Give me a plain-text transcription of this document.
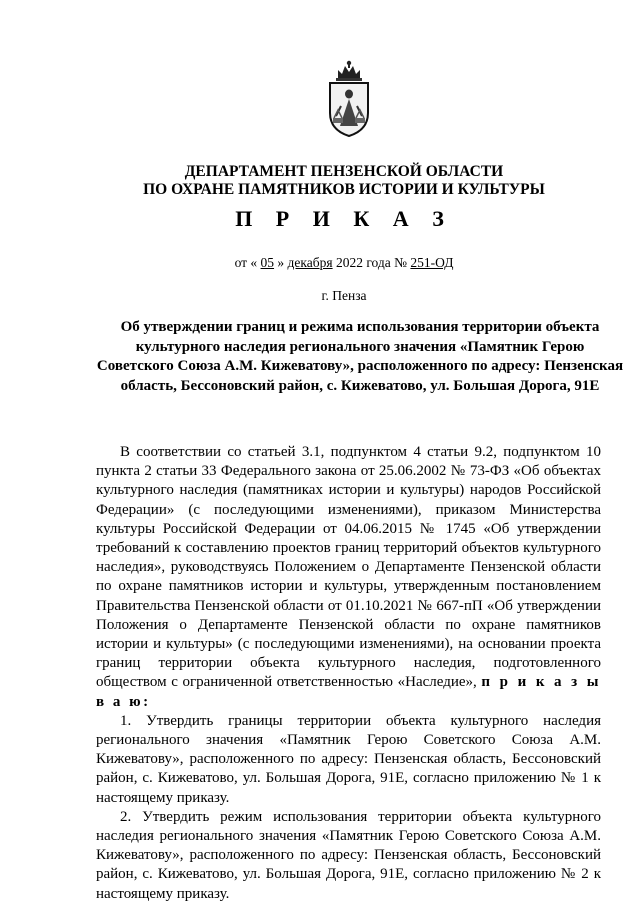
ДЕПАРТАМЕНТ ПЕНЗЕНСКОЙ ОБЛАСТИ
ПО ОХРАНЕ ПАМЯТНИКОВ ИСТОРИИ И КУЛЬТУРЫ
П Р И К А З
от « 05 » декабря 2022 года № 251-ОД
г. Пенза
Об утверждении границ и режима использования территории объекта культурного наследия регионального значения «Памятник Герою Советского Союза А.М. Кижеватову», расположенного по адресу: Пензенская область, Бессоновский район, с. Кижеватово, ул. Большая Дорога, 91Е

В соответствии со статьей 3.1, подпунктом 4 статьи 9.2, подпунктом 10 пункта 2 статьи 33 Федерального закона от 25.06.2002 № 73-ФЗ «Об объектах культурного наследия (памятниках истории и культуры) народов Российской Федерации» (с последующими изменениями), приказом Министерства культуры Российской Федерации от 04.06.2015 № 1745 «Об утверждении требований к составлению проектов границ территорий объектов культурного наследия», руководствуясь Положением о Департаменте Пензенской области по охране памятников истории и культуры, утвержденным постановлением Правительства Пензенской области от 01.10.2021 № 667-пП «Об утверждении Положения о Департаменте Пензенской области по охране памятников истории и культуры» (с последующими изменениями), на основании проекта границ территории объекта культурного наследия, подготовленного обществом с ограниченной ответственностью «Наследие», п р и к а з ы в а ю:

1. Утвердить границы территории объекта культурного наследия регионального значения «Памятник Герою Советского Союза А.М. Кижеватову», расположенного по адресу: Пензенская область, Бессоновский район, с. Кижеватово, ул. Большая Дорога, 91Е, согласно приложению № 1 к настоящему приказу.

2. Утвердить режим использования территории объекта культурного наследия регионального значения «Памятник Герою Советского Союза А.М. Кижеватову», расположенного по адресу: Пензенская область, Бессоновский район, с. Кижеватово, ул. Большая Дорога, 91Е, согласно приложению № 2 к настоящему приказу.
